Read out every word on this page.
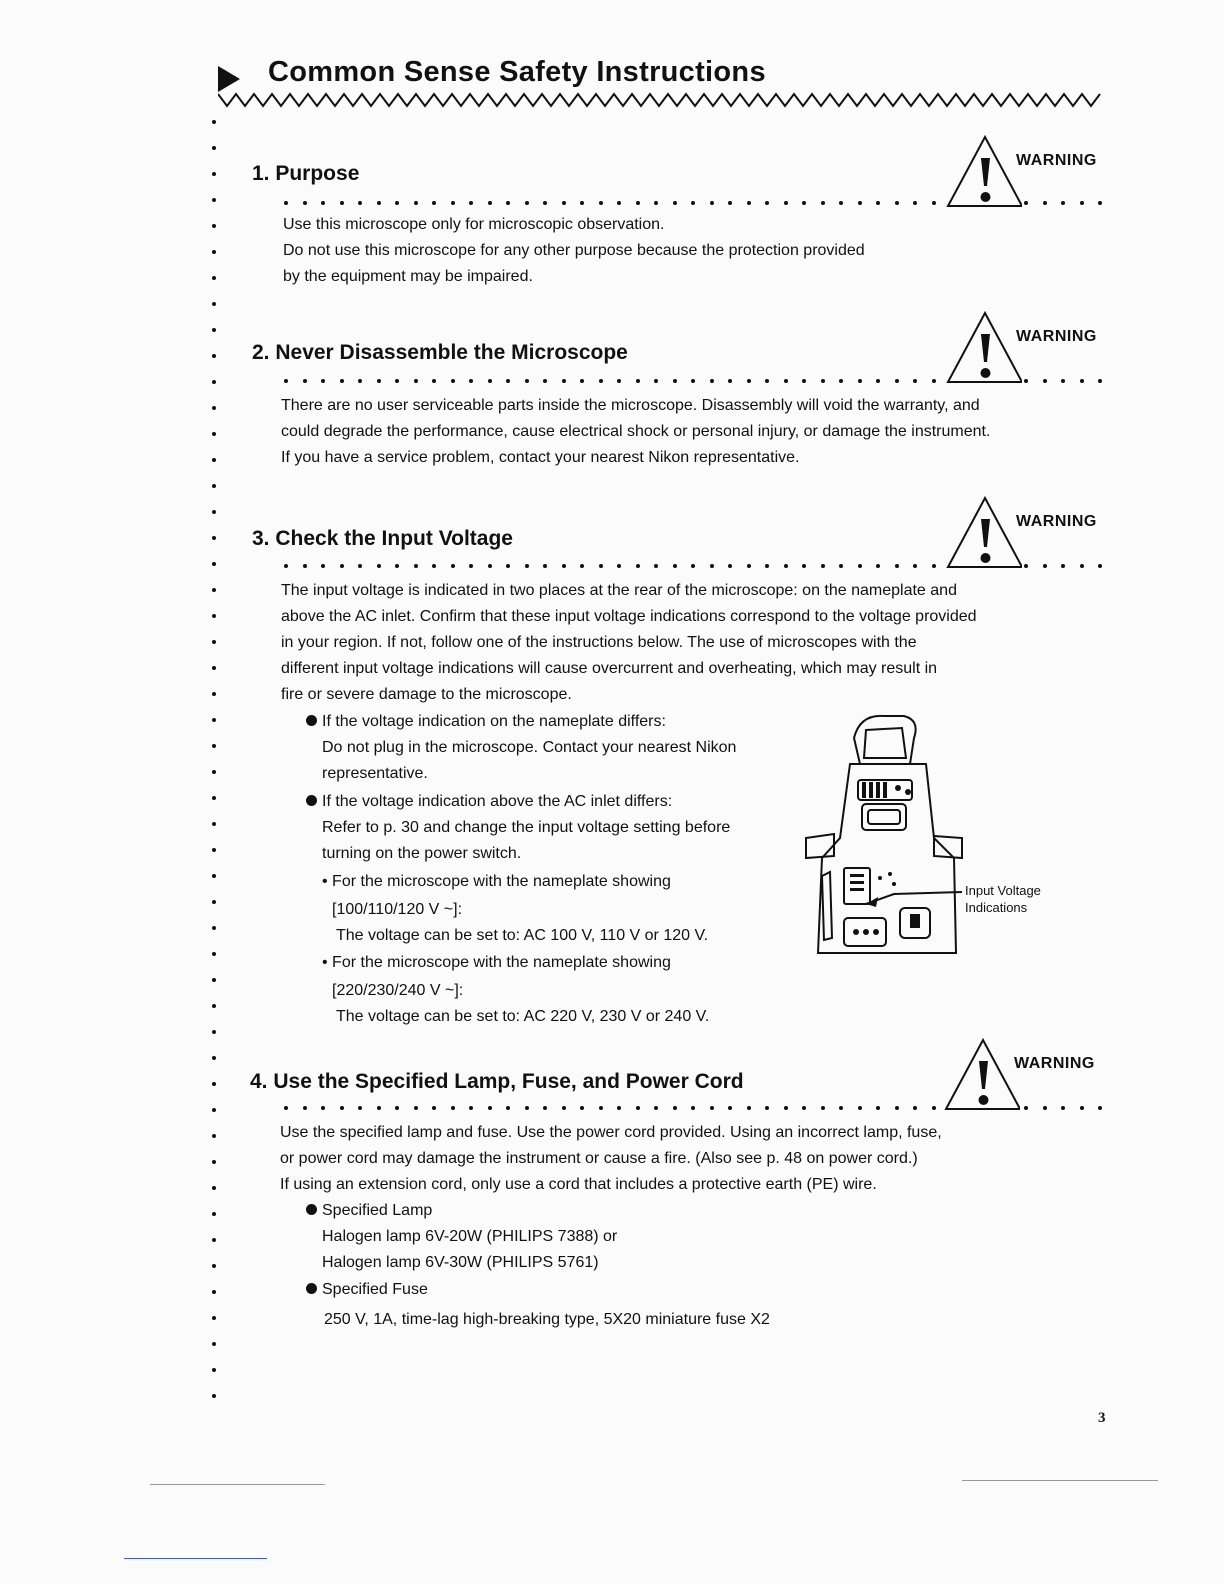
Common Sense Safety Instructions
1. Purpose
WARNING
Use this microscope only for microscopic observation.
Do not use this microscope for any other purpose because the protection provided
by the equipment may be impaired.
2. Never Disassemble the Microscope
WARNING
There are no user serviceable parts inside the microscope. Disassembly will void the warranty, and
could degrade the performance, cause electrical shock or personal injury, or damage the instrument.
If you have a service problem, contact your nearest Nikon representative.
3. Check the Input Voltage
WARNING
The input voltage is indicated in two places at the rear of the microscope: on the nameplate and
above the AC inlet. Confirm that these input voltage indications correspond to the voltage provided
in your region. If not, follow one of the instructions below. The use of microscopes with the
different input voltage indications will cause overcurrent and overheating, which may result in
fire or severe damage to the microscope.
If the voltage indication on the nameplate differs:
Do not plug in the microscope. Contact your nearest Nikon
representative.
If the voltage indication above the AC inlet differs:
Refer to p. 30 and change the input voltage setting before
turning on the power switch.
• For the microscope with the nameplate showing
[100/110/120 V ~]:
The voltage can be set to: AC 100 V, 110 V or 120 V.
• For the microscope with the nameplate showing
[220/230/240 V ~]:
The voltage can be set to: AC 220 V, 230 V or 240 V.
Input Voltage
Indications
4. Use the Specified Lamp, Fuse, and Power Cord
WARNING
Use the specified lamp and fuse. Use the power cord provided. Using an incorrect lamp, fuse,
or power cord may damage the instrument or cause a fire. (Also see p. 48 on power cord.)
If using an extension cord, only use a cord that includes a protective earth (PE) wire.
Specified Lamp
Halogen lamp 6V-20W (PHILIPS 7388) or
Halogen lamp 6V-30W (PHILIPS 5761)
Specified Fuse
250 V, 1A, time-lag high-breaking type, 5X20 miniature fuse X2
3
